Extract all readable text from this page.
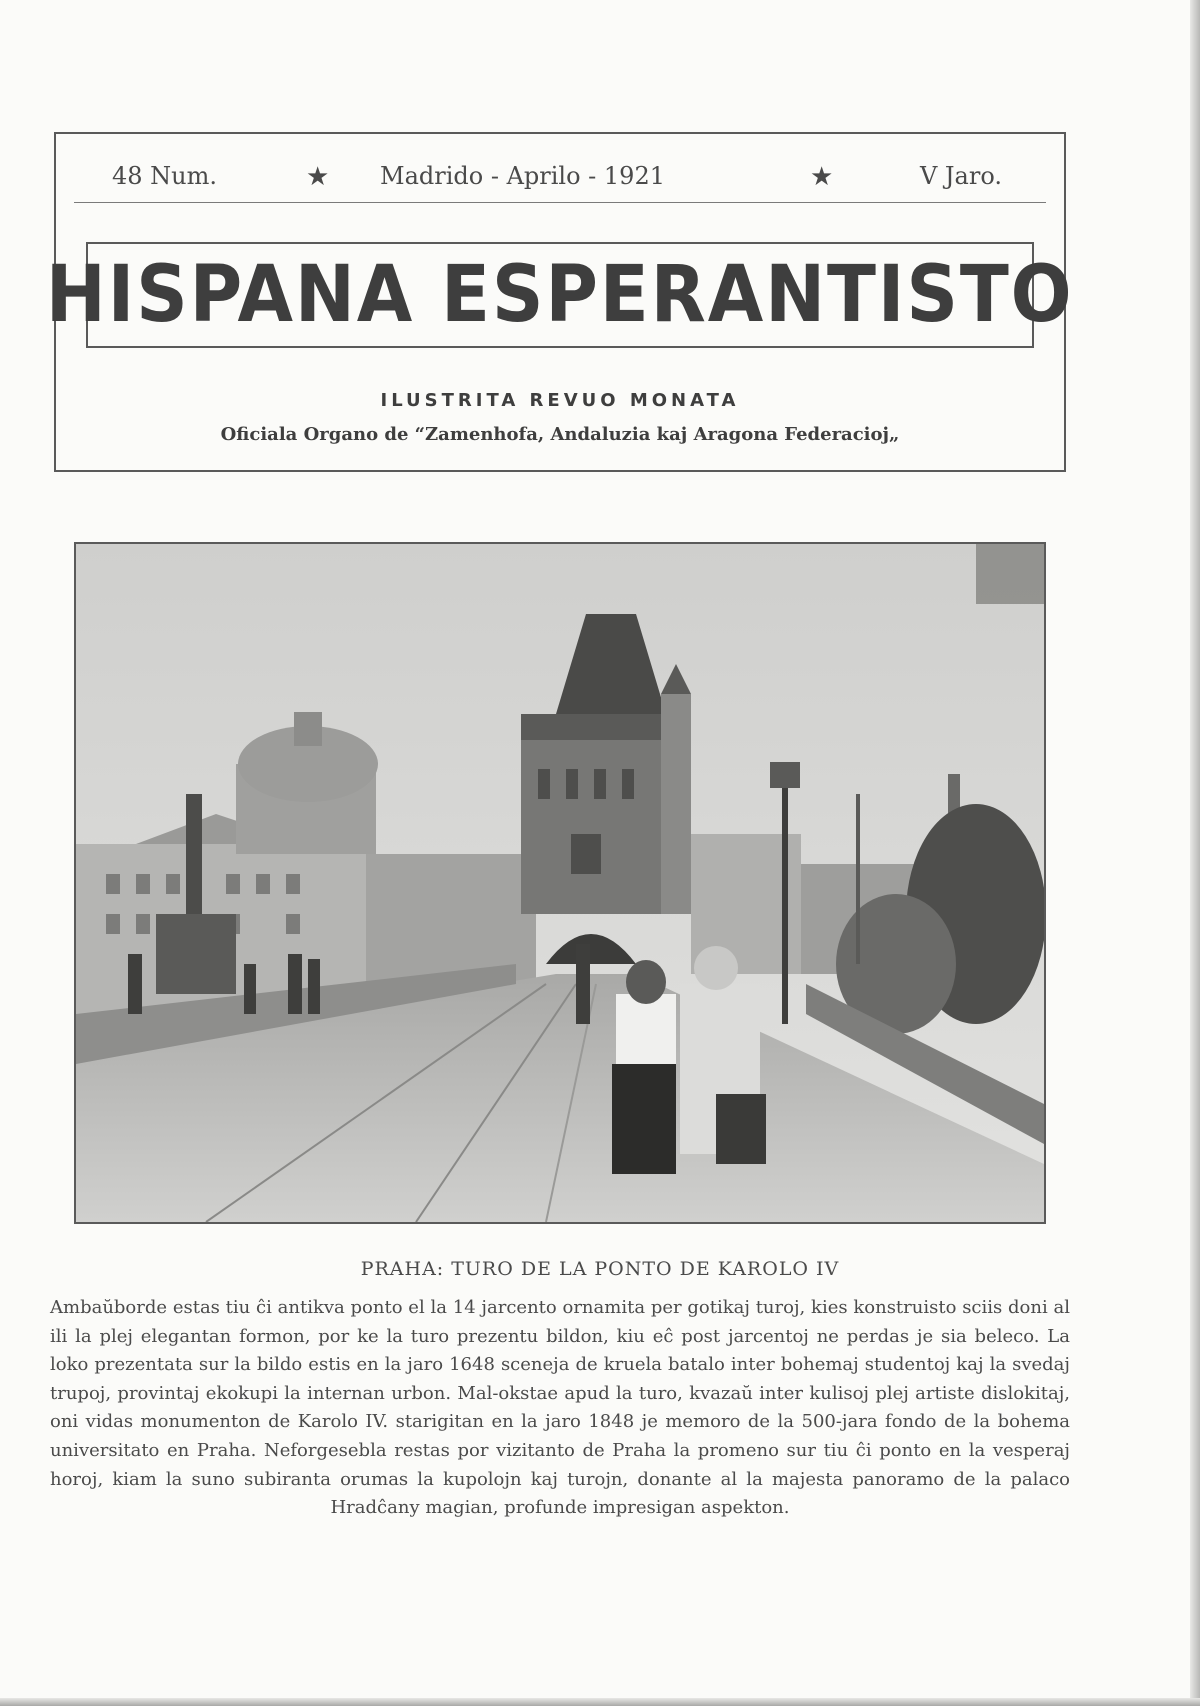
48 Num.	★ Madrido - Aprilo - 1921	★	V Jaro.
HISPANA ESPERANTISTO
ILUSTRITA REVUO MONATA
Oficiala Organo de “Zamenhofa, Andaluzia kaj Aragona Federacioj„
PRAHA: TURO DE LA PONTO DE KAROLO IV

Ambaŭborde estas tiu ĉi antikva ponto el la 14 jarcento ornamita per gotikaj turoj, kies konstruisto sciis doni al ili la plej elegantan formon, por ke la turo prezentu bildon, kiu eĉ post jarcentoj ne perdas je sia beleco. La loko prezentata sur la bildo estis en la jaro 1648 sceneja de kruela batalo inter bohemaj studentoj kaj la svedaj trupoj, provintaj ekokupi la internan urbon. Mal-okstae apud la turo, kvazaŭ inter kulisoj plej artiste dislokitaj, oni vidas monumenton de Karolo IV. starigitan en la jaro 1848 je memoro de la 500-jara fondo de la bohema universitato en Praha. Neforgesebla restas por vizitanto de Praha la promeno sur tiu ĉi ponto en la vesperaj horoj, kiam la suno subiranta orumas la kupolojn kaj turojn, donante al la majesta panoramo de la palaco Hradĉany magian, profunde impresigan aspekton.
